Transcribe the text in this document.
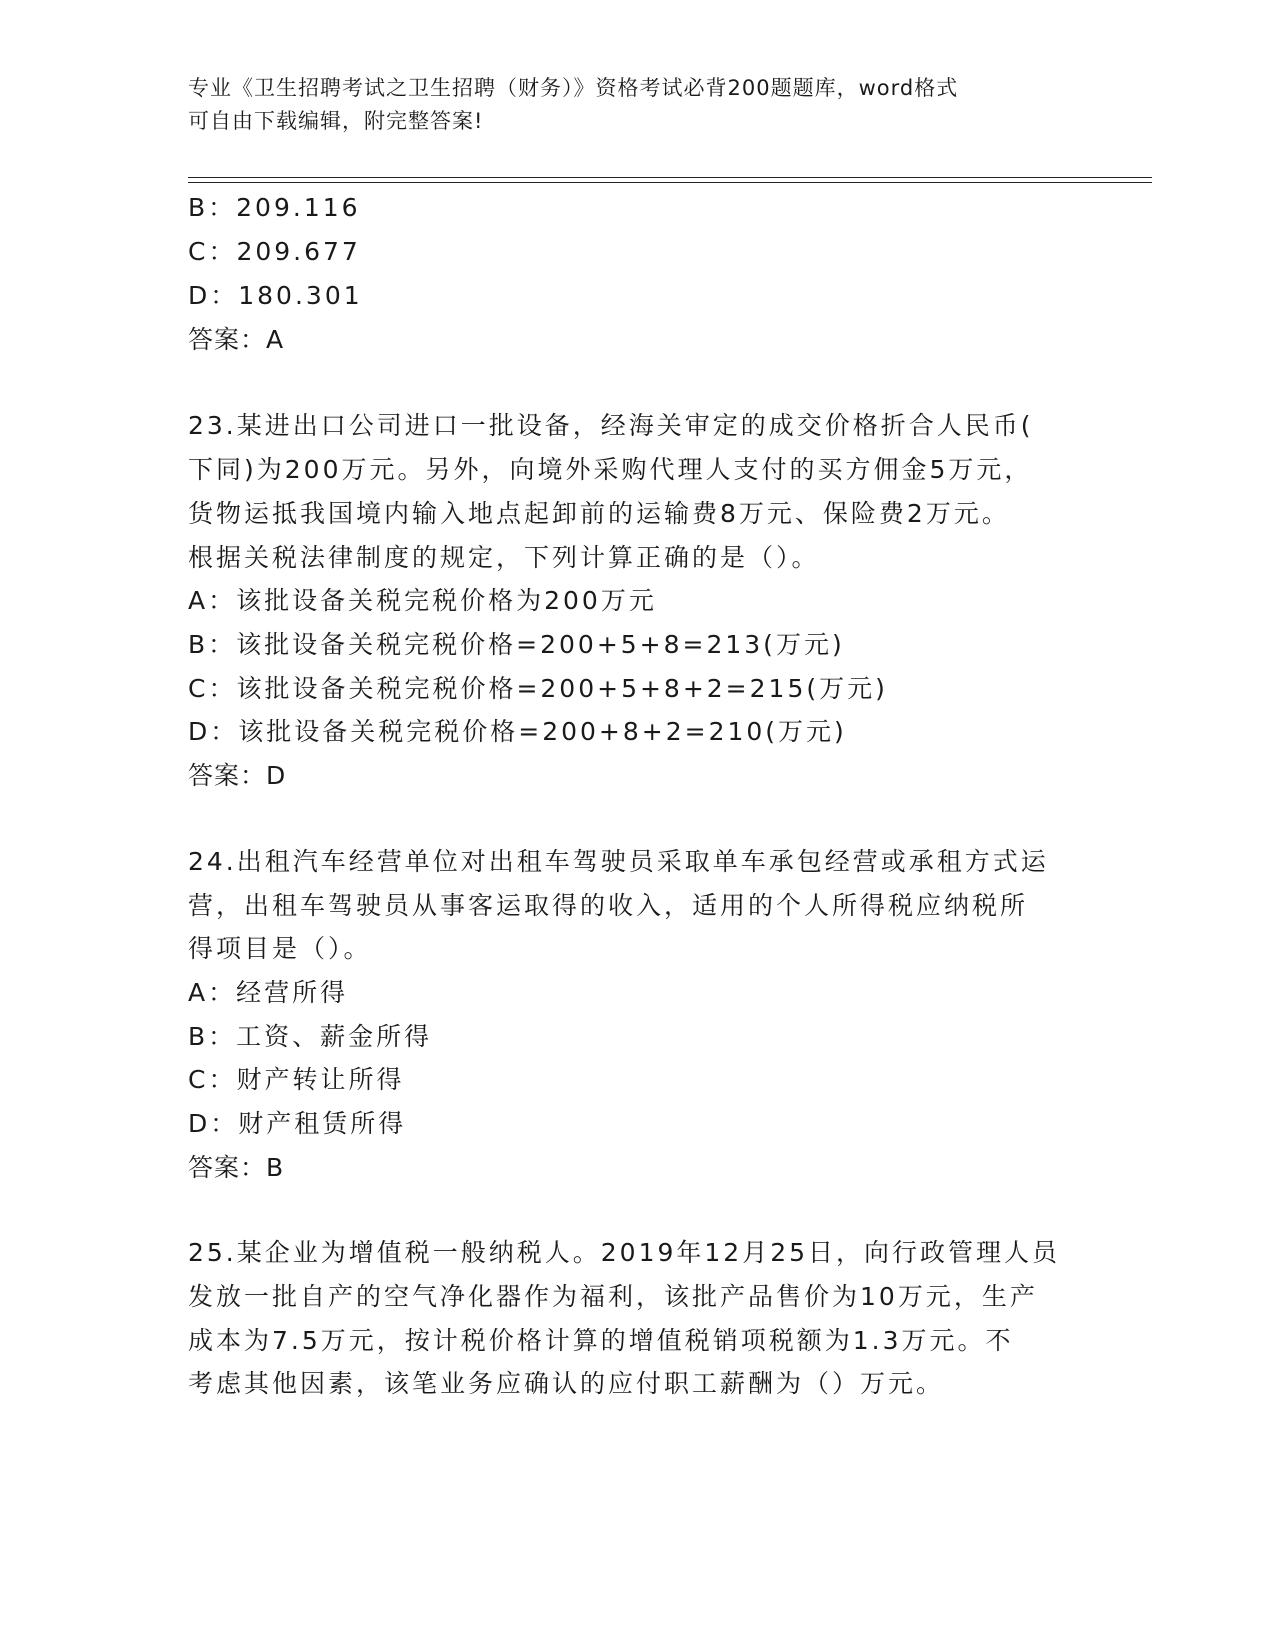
专业《卫生招聘考试之卫生招聘（财务）》资格考试必背200题题库，word格式
可自由下载编辑，附完整答案!
B：209.116
C：209.677
D：180.301
答案：A
23.某进出口公司进口一批设备，经海关审定的成交价格折合人民币(
下同)为200万元。另外，向境外采购代理人支付的买方佣金5万元，
货物运抵我国境内输入地点起卸前的运输费8万元、保险费2万元。
根据关税法律制度的规定，下列计算正确的是（）。
A：该批设备关税完税价格为200万元
B：该批设备关税完税价格=200+5+8=213(万元)
C：该批设备关税完税价格=200+5+8+2=215(万元)
D：该批设备关税完税价格=200+8+2=210(万元)
答案：D
24.出租汽车经营单位对出租车驾驶员采取单车承包经营或承租方式运
营，出租车驾驶员从事客运取得的收入，适用的个人所得税应纳税所
得项目是（）。
A：经营所得
B：工资、薪金所得
C：财产转让所得
D：财产租赁所得
答案：B
25.某企业为增值税一般纳税人。2019年12月25日，向行政管理人员
发放一批自产的空气净化器作为福利，该批产品售价为10万元，生产
成本为7.5万元，按计税价格计算的增值税销项税额为1.3万元。不
考虑其他因素，该笔业务应确认的应付职工薪酬为（）万元。
